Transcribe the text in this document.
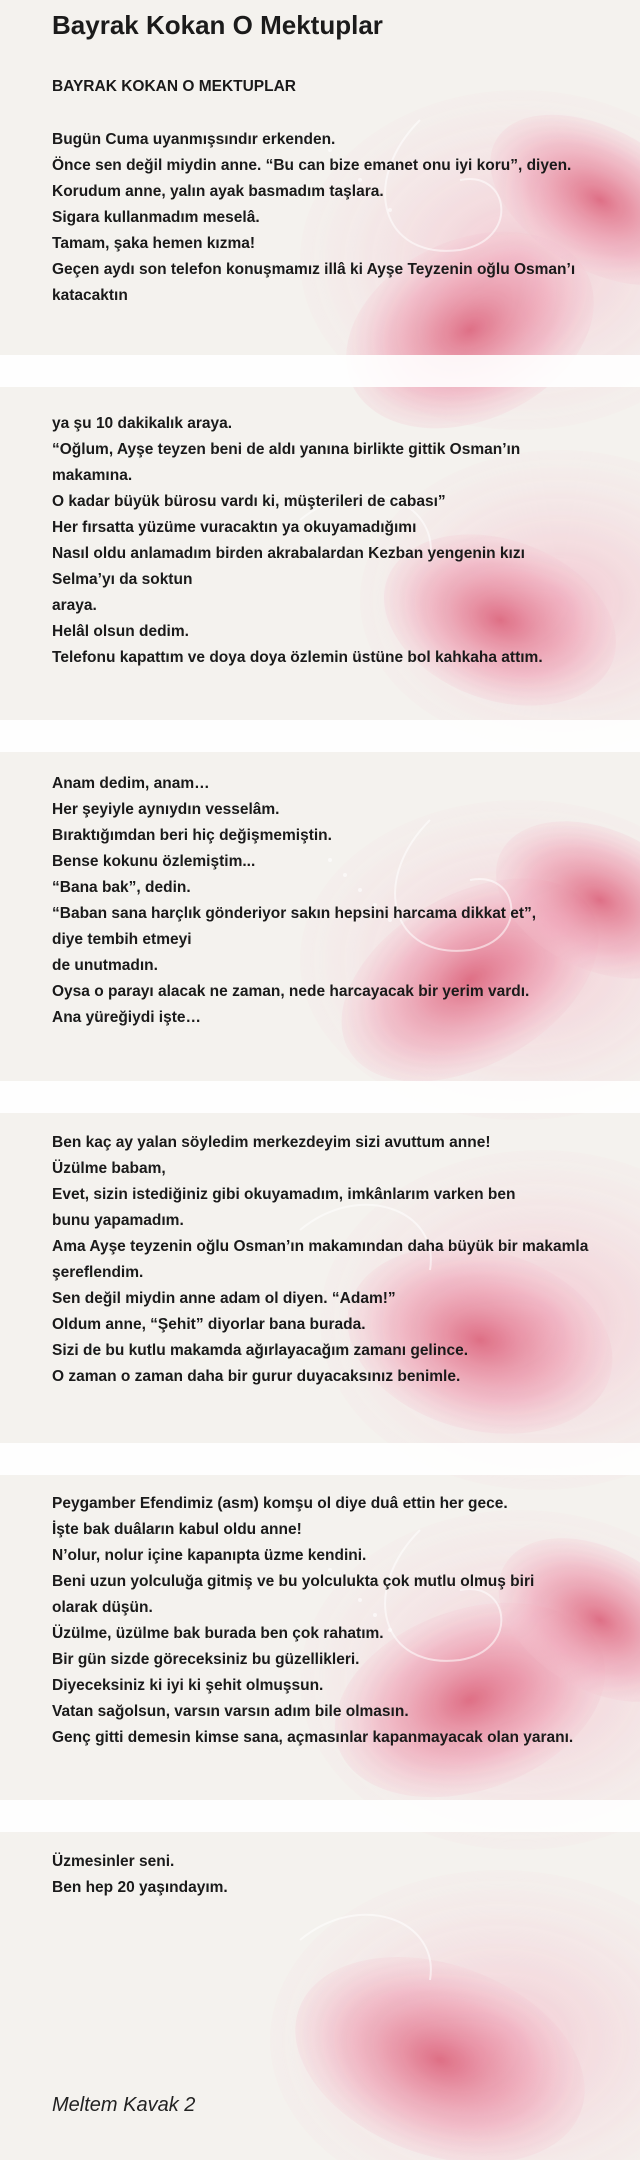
Bayrak Kokan O Mektuplar
BAYRAK KOKAN O MEKTUPLAR
Bugün Cuma uyanmışsındır erkenden.
Önce sen değil miydin anne. “Bu can bize emanet onu iyi koru”, diyen.
Korudum anne, yalın ayak basmadım taşlara.
Sigara kullanmadım meselâ.
Tamam, şaka hemen kızma!
Geçen aydı son telefon konuşmamız illâ ki Ayşe Teyzenin oğlu Osman’ı
katacaktın
ya şu 10 dakikalık araya.
“Oğlum, Ayşe teyzen beni de aldı yanına birlikte gittik Osman’ın
makamına.
O kadar büyük bürosu vardı ki, müşterileri de cabası”
Her fırsatta yüzüme vuracaktın ya okuyamadığımı
Nasıl oldu anlamadım birden akrabalardan Kezban yengenin kızı
Selma’yı da soktun
araya.
Helâl olsun dedim.
Telefonu kapattım ve doya doya özlemin üstüne bol kahkaha attım.
Anam dedim, anam…
Her şeyiyle aynıydın vesselâm.
Bıraktığımdan beri hiç değişmemiştin.
Bense kokunu özlemiştim...
“Bana bak”, dedin.
“Baban sana harçlık gönderiyor sakın hepsini harcama dikkat et”,
diye tembih etmeyi
de unutmadın.
Oysa o parayı alacak ne zaman, nede harcayacak bir yerim vardı.
Ana yüreğiydi işte…
Ben kaç ay yalan söyledim merkezdeyim sizi avuttum anne!
Üzülme babam,
Evet, sizin istediğiniz gibi okuyamadım, imkânlarım varken ben
bunu yapamadım.
Ama Ayşe teyzenin oğlu Osman’ın makamından daha büyük bir makamla
şereflendim.
Sen değil miydin anne adam ol diyen. “Adam!”
Oldum anne, “Şehit” diyorlar bana burada.
Sizi de bu kutlu makamda ağırlayacağım zamanı gelince.
O zaman o zaman daha bir gurur duyacaksınız benimle.
Peygamber Efendimiz (asm) komşu ol diye duâ ettin her gece.
İşte bak duâların kabul oldu anne!
N’olur, nolur içine kapanıpta üzme kendini.
Beni uzun yolculuğa gitmiş ve bu yolculukta çok mutlu olmuş biri
olarak düşün.
Üzülme, üzülme bak burada ben çok rahatım.
Bir gün sizde göreceksiniz bu güzellikleri.
Diyeceksiniz ki iyi ki şehit olmuşsun.
Vatan sağolsun, varsın varsın adım bile olmasın.
Genç gitti demesin kimse sana, açmasınlar kapanmayacak olan yaranı.
Üzmesinler seni.
Ben hep 20 yaşındayım.
Meltem Kavak 2
